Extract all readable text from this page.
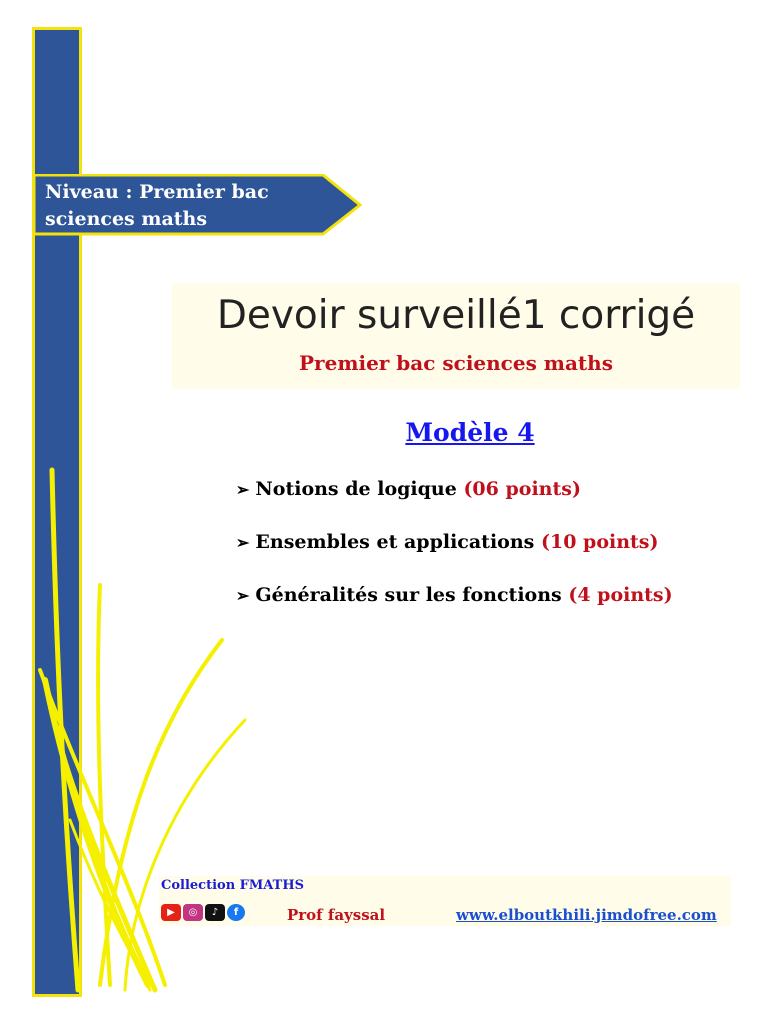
Niveau : Premier bac sciences maths
Devoir surveillé1 corrigé
Premier bac sciences maths
Modèle 4
➢ Notions de logique (06 points)
➢ Ensembles et applications (10 points)
➢ Généralités sur les fonctions (4 points)
Collection FMATHS
▶	◎	♪	f	Prof fayssal	www.elboutkhili.jimdofree.com
